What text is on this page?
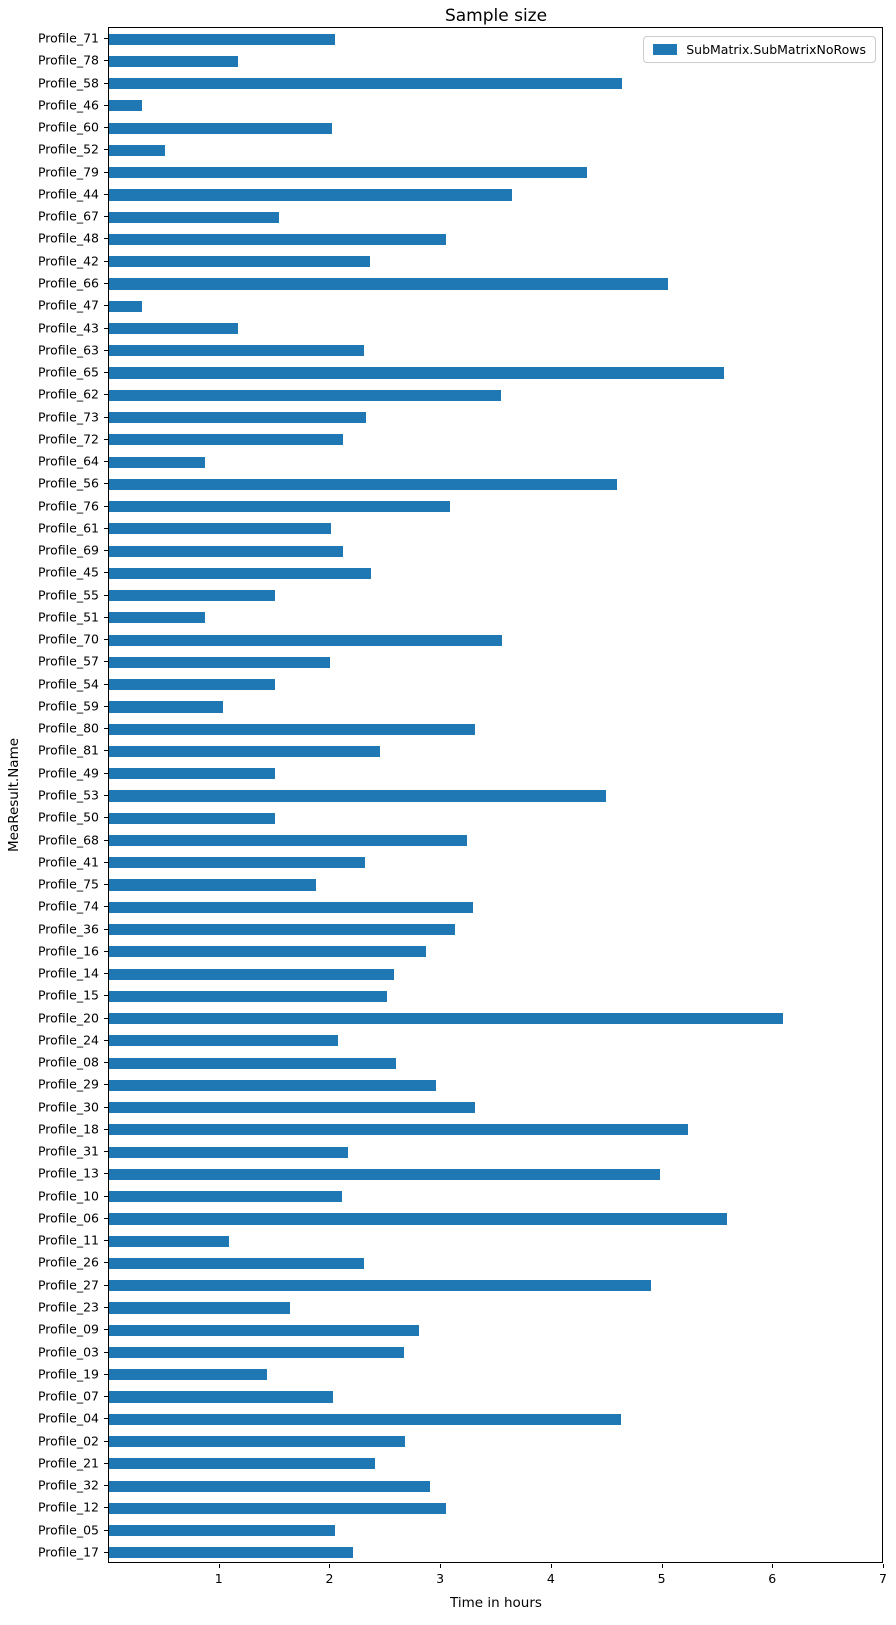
Sample size
MeaResult.Name
Profile_71
Profile_78
Profile_58
Profile_46
Profile_60
Profile_52
Profile_79
Profile_44
Profile_67
Profile_48
Profile_42
Profile_66
Profile_47
Profile_43
Profile_63
Profile_65
Profile_62
Profile_73
Profile_72
Profile_64
Profile_56
Profile_76
Profile_61
Profile_69
Profile_45
Profile_55
Profile_51
Profile_70
Profile_57
Profile_54
Profile_59
Profile_80
Profile_81
Profile_49
Profile_53
Profile_50
Profile_68
Profile_41
Profile_75
Profile_74
Profile_36
Profile_16
Profile_14
Profile_15
Profile_20
Profile_24
Profile_08
Profile_29
Profile_30
Profile_18
Profile_31
Profile_13
Profile_10
Profile_06
Profile_11
Profile_26
Profile_27
Profile_23
Profile_09
Profile_03
Profile_19
Profile_07
Profile_04
Profile_02
Profile_21
Profile_32
Profile_12
Profile_05
Profile_17
SubMatrix.SubMatrixNoRows
1	2	3	4	5	6	7
Time in hours
